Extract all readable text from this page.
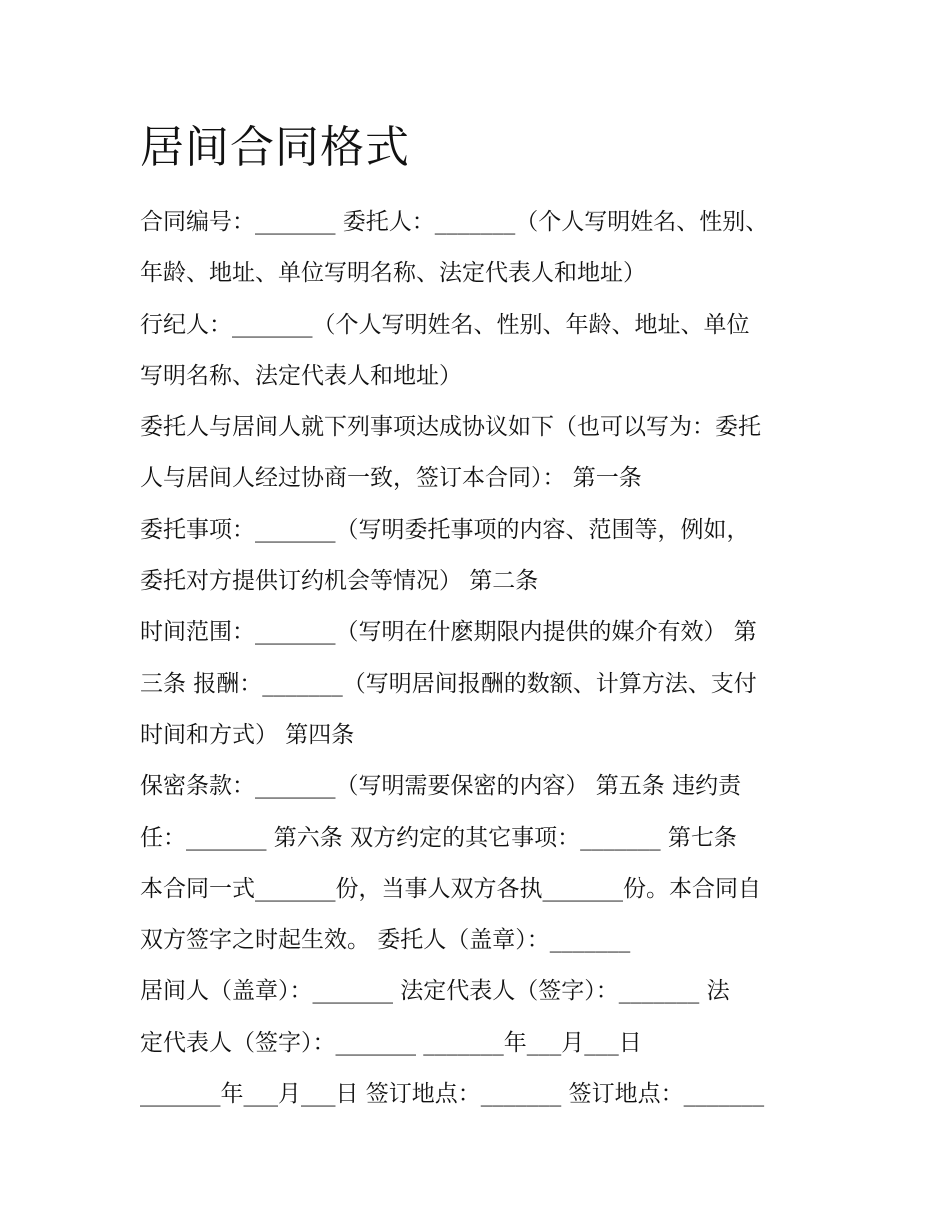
居间合同格式
合同编号：_______ 委托人：_______（个人写明姓名、性别、
年龄、地址、单位写明名称、法定代表人和地址）
行纪人：_______（个人写明姓名、性别、年龄、地址、单位
写明名称、法定代表人和地址）
委托人与居间人就下列事项达成协议如下（也可以写为：委托
人与居间人经过协商一致，签订本合同）： 第一条
委托事项：_______（写明委托事项的内容、范围等，例如，
委托对方提供订约机会等情况） 第二条
时间范围：_______（写明在什麽期限内提供的媒介有效） 第
三条 报酬：_______（写明居间报酬的数额、计算方法、支付
时间和方式） 第四条
保密条款：_______（写明需要保密的内容） 第五条 违约责
任：_______ 第六条 双方约定的其它事项：_______ 第七条
本合同一式_______份，当事人双方各执_______份。本合同自
双方签字之时起生效。 委托人（盖章）：_______
居间人（盖章）：_______ 法定代表人（签字）：_______ 法
定代表人（签字）：_______ _______年___月___日
_______年___月___日 签订地点：_______ 签订地点：_______
